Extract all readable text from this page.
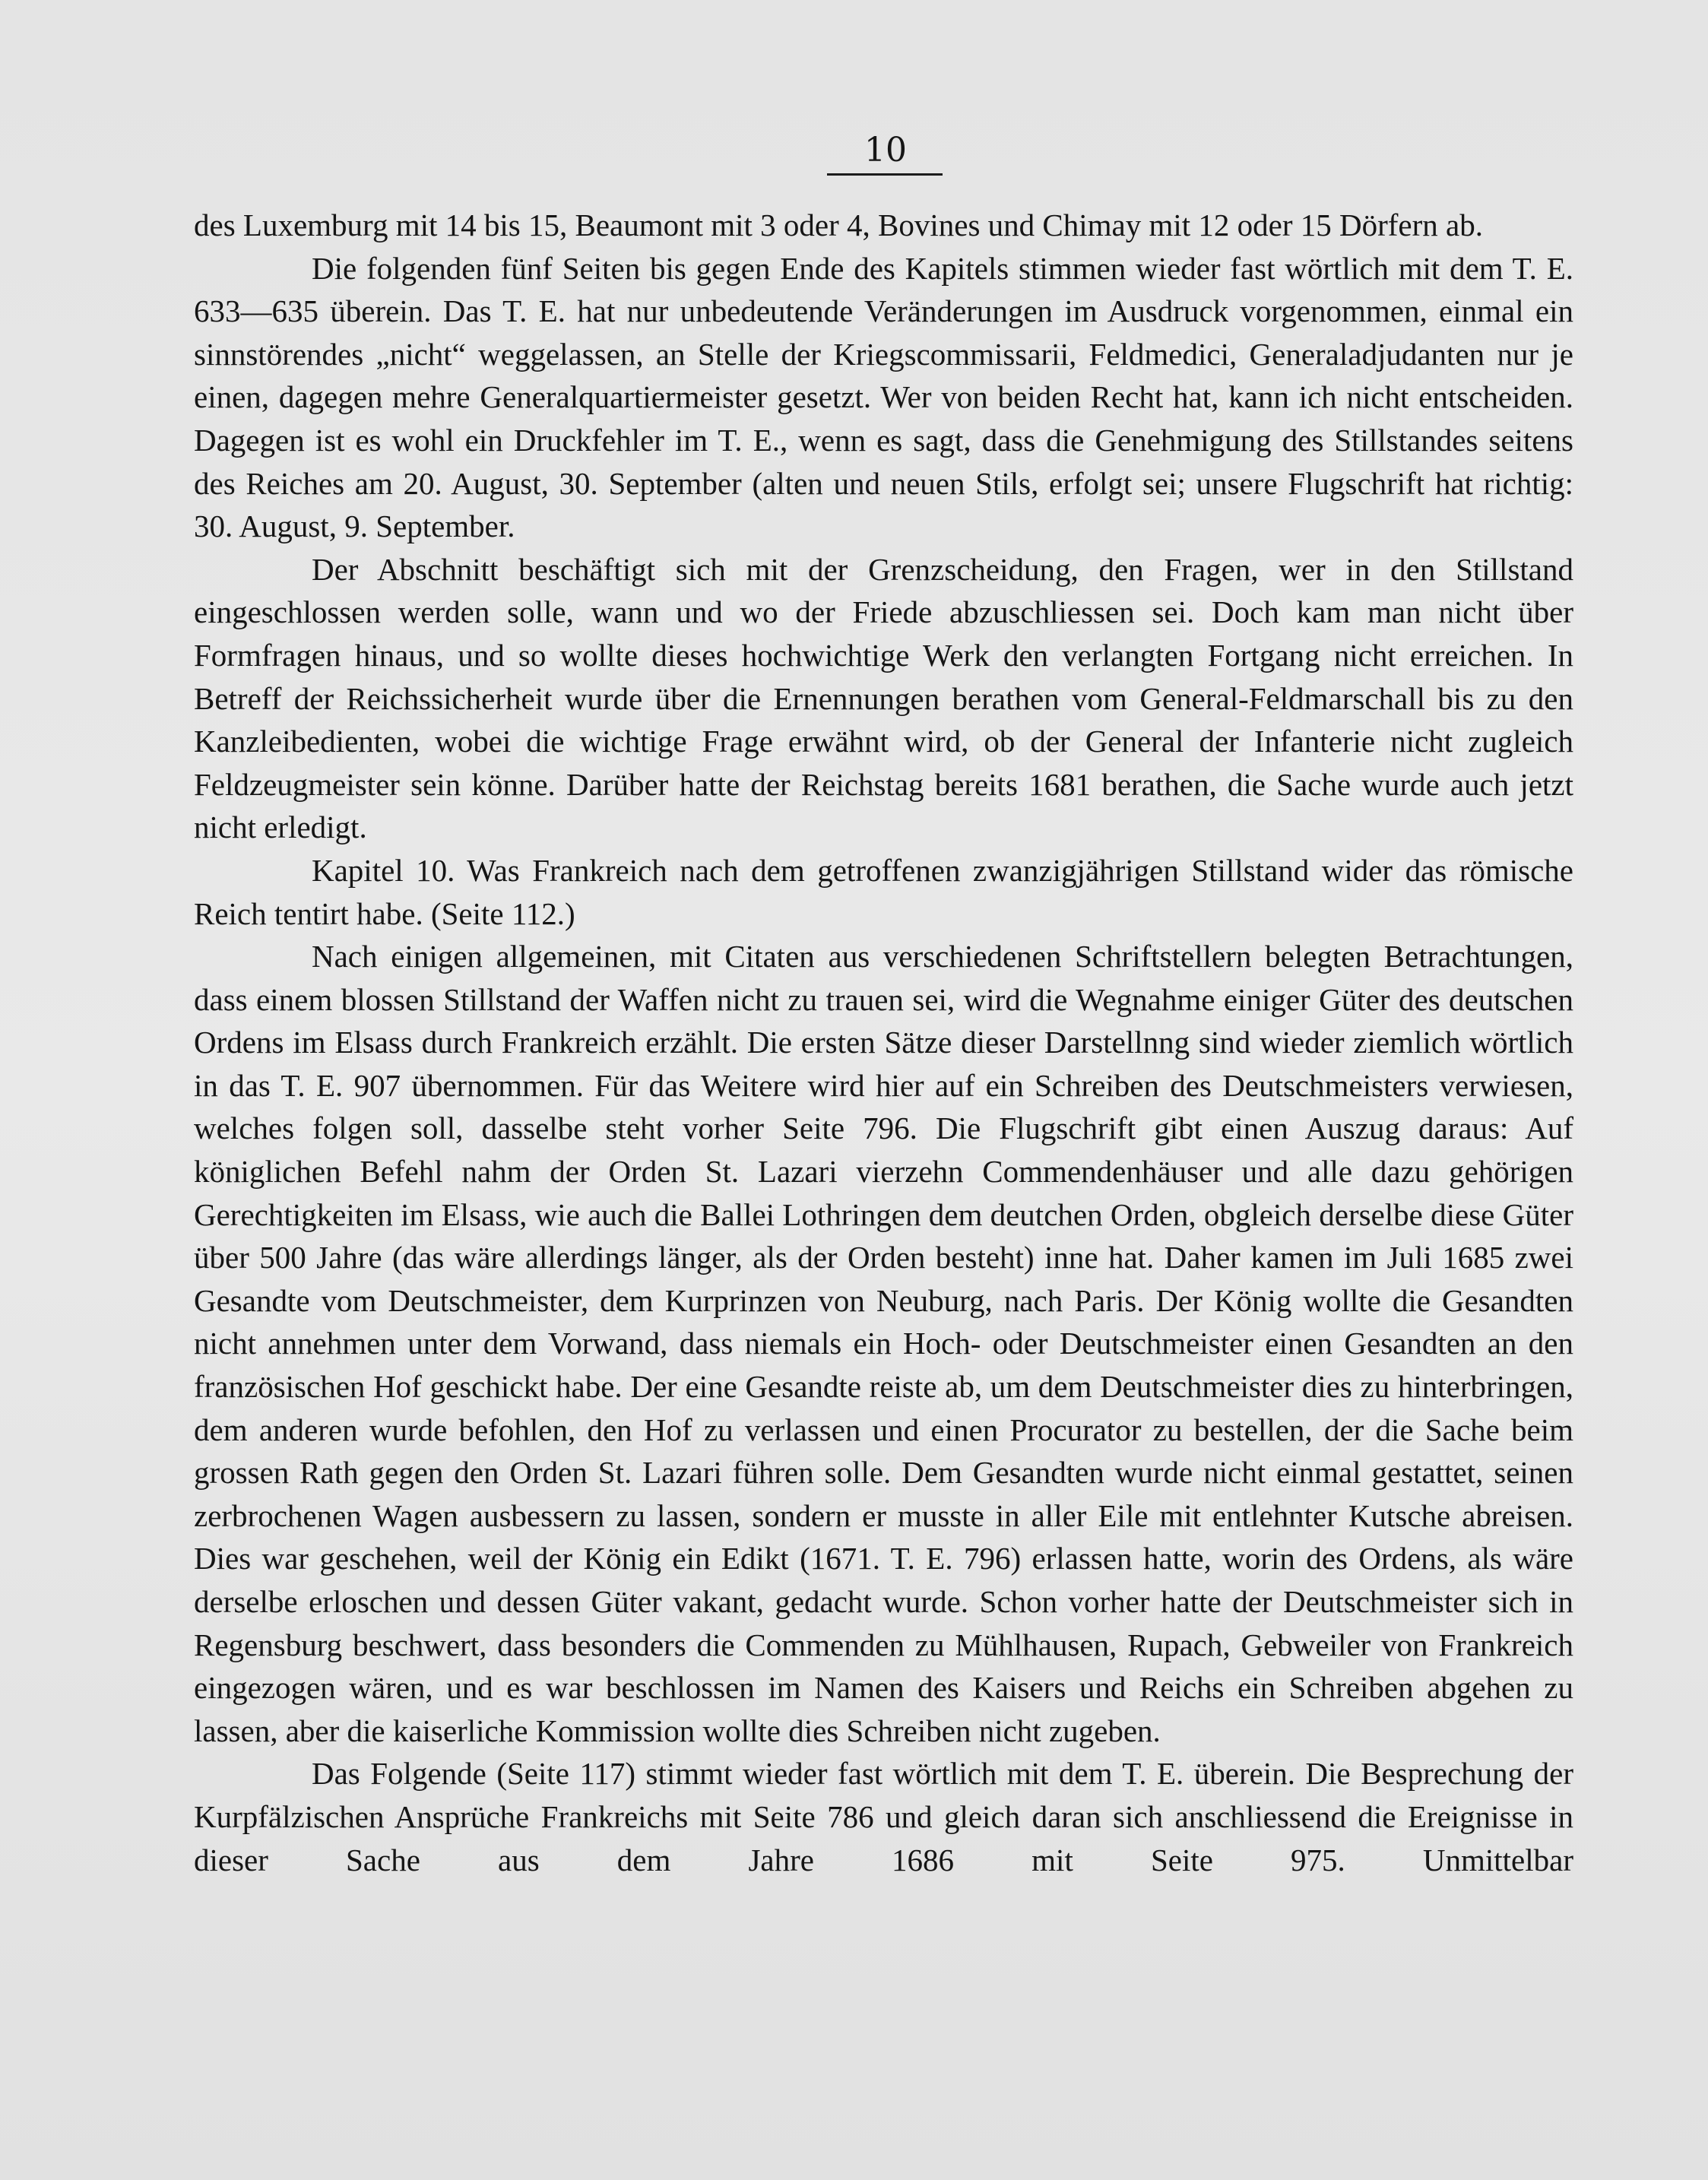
10

des Luxemburg mit 14 bis 15, Beaumont mit 3 oder 4, Bovines und Chimay mit 12 oder 15 Dörfern ab.

Die folgenden fünf Seiten bis gegen Ende des Kapitels stimmen wieder fast wörtlich mit dem T. E. 633—635 überein. Das T. E. hat nur unbedeutende Veränderungen im Ausdruck vorgenommen, einmal ein sinnstörendes „nicht“ weggelassen, an Stelle der Kriegscommissarii, Feldmedici, Generaladjudanten nur je einen, dagegen mehre Generalquartiermeister gesetzt. Wer von beiden Recht hat, kann ich nicht entscheiden. Dagegen ist es wohl ein Druckfehler im T. E., wenn es sagt, dass die Genehmigung des Stillstandes seitens des Reiches am 20. August, 30. September (alten und neuen Stils, erfolgt sei; unsere Flugschrift hat richtig: 30. August, 9. September.

Der Abschnitt beschäftigt sich mit der Grenzscheidung, den Fragen, wer in den Stillstand eingeschlossen werden solle, wann und wo der Friede abzuschliessen sei. Doch kam man nicht über Formfragen hinaus, und so wollte dieses hochwichtige Werk den verlangten Fortgang nicht erreichen. In Betreff der Reichssicherheit wurde über die Ernennungen berathen vom General-Feldmarschall bis zu den Kanzleibedienten, wobei die wichtige Frage erwähnt wird, ob der General der Infanterie nicht zugleich Feldzeugmeister sein könne. Darüber hatte der Reichstag bereits 1681 berathen, die Sache wurde auch jetzt nicht erledigt.

Kapitel 10. Was Frankreich nach dem getroffenen zwanzigjährigen Stillstand wider das römische Reich tentirt habe. (Seite 112.)

Nach einigen allgemeinen, mit Citaten aus verschiedenen Schriftstellern belegten Betrachtungen, dass einem blossen Stillstand der Waffen nicht zu trauen sei, wird die Wegnahme einiger Güter des deutschen Ordens im Elsass durch Frankreich erzählt. Die ersten Sätze dieser Darstellnng sind wieder ziemlich wörtlich in das T. E. 907 übernommen. Für das Weitere wird hier auf ein Schreiben des Deutschmeisters verwiesen, welches folgen soll, dasselbe steht vorher Seite 796. Die Flugschrift gibt einen Auszug daraus: Auf königlichen Befehl nahm der Orden St. Lazari vierzehn Commendenhäuser und alle dazu gehörigen Gerechtigkeiten im Elsass, wie auch die Ballei Lothringen dem deutchen Orden, obgleich derselbe diese Güter über 500 Jahre (das wäre allerdings länger, als der Orden besteht) inne hat. Daher kamen im Juli 1685 zwei Gesandte vom Deutschmeister, dem Kurprinzen von Neuburg, nach Paris. Der König wollte die Gesandten nicht annehmen unter dem Vorwand, dass niemals ein Hoch- oder Deutschmeister einen Gesandten an den französischen Hof geschickt habe. Der eine Gesandte reiste ab, um dem Deutschmeister dies zu hinterbringen, dem anderen wurde befohlen, den Hof zu verlassen und einen Procurator zu bestellen, der die Sache beim grossen Rath gegen den Orden St. Lazari führen solle. Dem Gesandten wurde nicht einmal gestattet, seinen zerbrochenen Wagen ausbessern zu lassen, sondern er musste in aller Eile mit entlehnter Kutsche abreisen. Dies war geschehen, weil der König ein Edikt (1671. T. E. 796) erlassen hatte, worin des Ordens, als wäre derselbe erloschen und dessen Güter vakant, gedacht wurde. Schon vorher hatte der Deutschmeister sich in Regensburg beschwert, dass besonders die Commenden zu Mühlhausen, Rupach, Gebweiler von Frankreich eingezogen wären, und es war beschlossen im Namen des Kaisers und Reichs ein Schreiben abgehen zu lassen, aber die kaiserliche Kommission wollte dies Schreiben nicht zugeben.

Das Folgende (Seite 117) stimmt wieder fast wörtlich mit dem T. E. überein. Die Besprechung der Kurpfälzischen Ansprüche Frankreichs mit Seite 786 und gleich daran sich anschliessend die Ereignisse in dieser Sache aus dem Jahre 1686 mit Seite 975. Unmittelbar
